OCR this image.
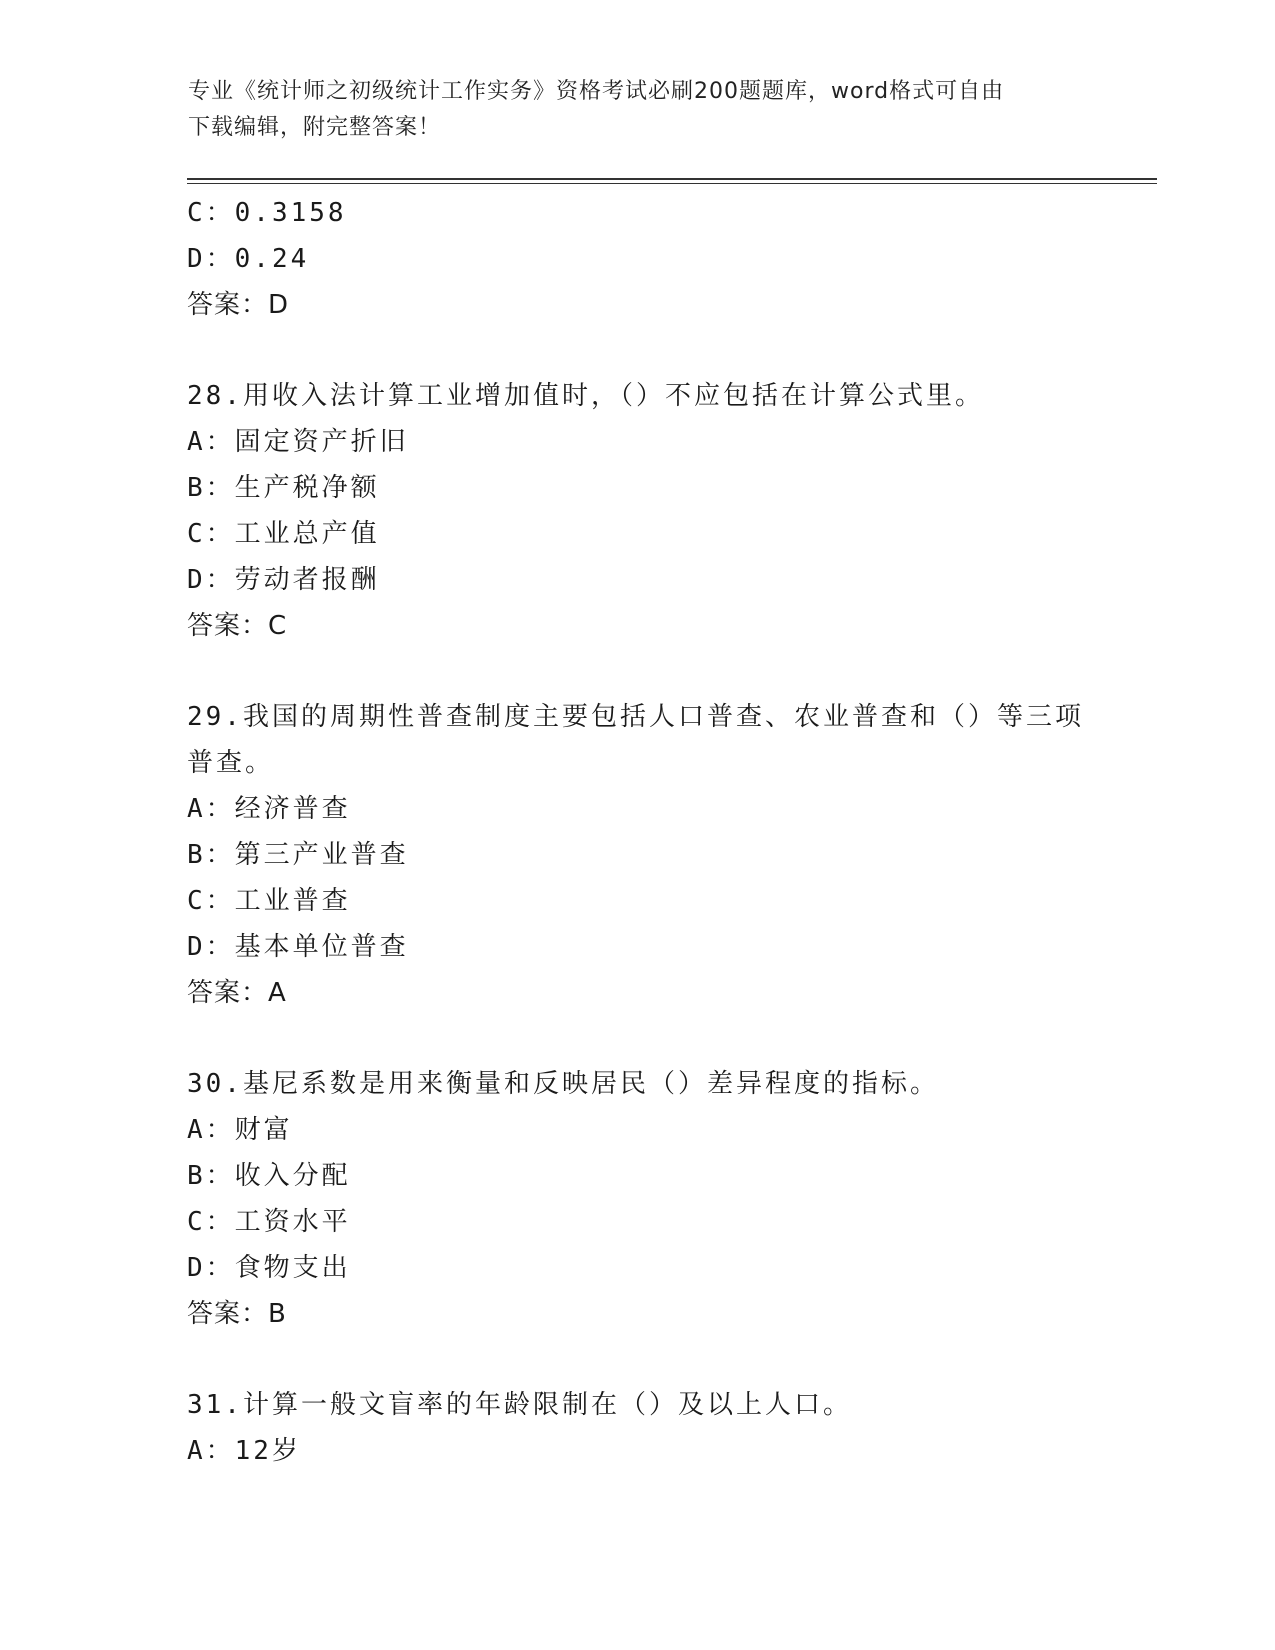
专业《统计师之初级统计工作实务》资格考试必刷200题题库，word格式可自由
下载编辑，附完整答案！
C：0.3158
D：0.24
答案：D
28.用收入法计算工业增加值时，（）不应包括在计算公式里。
A：固定资产折旧
B：生产税净额
C：工业总产值
D：劳动者报酬
答案：C
29.我国的周期性普查制度主要包括人口普查、农业普查和（）等三项
普查。
A：经济普查
B：第三产业普查
C：工业普查
D：基本单位普查
答案：A
30.基尼系数是用来衡量和反映居民（）差异程度的指标。
A：财富
B：收入分配
C：工资水平
D：食物支出
答案：B
31.计算一般文盲率的年龄限制在（）及以上人口。
A：12岁
